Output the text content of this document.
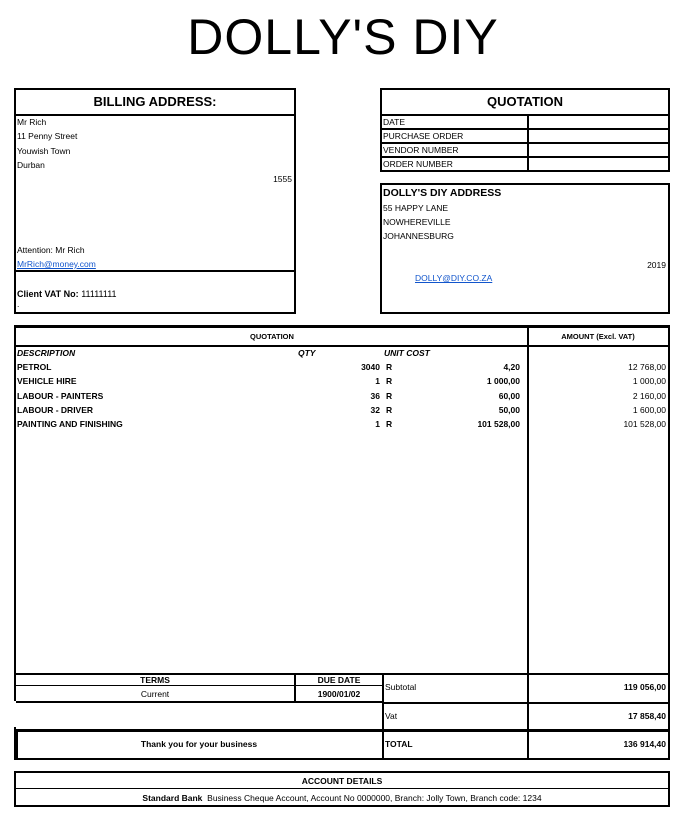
DOLLY'S DIY
BILLING ADDRESS:
Mr Rich
11 Penny Street
Youwish Town
Durban
1555
Attention: Mr Rich
MrRich@money.com
Client VAT No: 11111111
.
QUOTATION
DATE
PURCHASE ORDER
VENDOR NUMBER
ORDER NUMBER
DOLLY'S DIY ADDRESS
55 HAPPY LANE
NOWHEREVILLE
JOHANNESBURG
2019
DOLLY@DIY.CO.ZA
QUOTATION	AMOUNT (Excl. VAT)
DESCRIPTION	QTY	UNIT COST
PETROL	3040 R	4,20	12 768,00
VEHICLE HIRE	1 R	1 000,00	1 000,00
LABOUR - PAINTERS	36 R	60,00	2 160,00
LABOUR - DRIVER	32 R	50,00	1 600,00
PAINTING AND FINISHING	1 R	101 528,00	101 528,00
TERMS
Current
DUE DATE
1900/01/02
Subtotal	119 056,00
Vat	17 858,40
Thank you for your business	TOTAL	136 914,40
ACCOUNT DETAILS
Standard Bank Business Cheque Account, Account No 0000000, Branch: Jolly Town, Branch code: 1234
